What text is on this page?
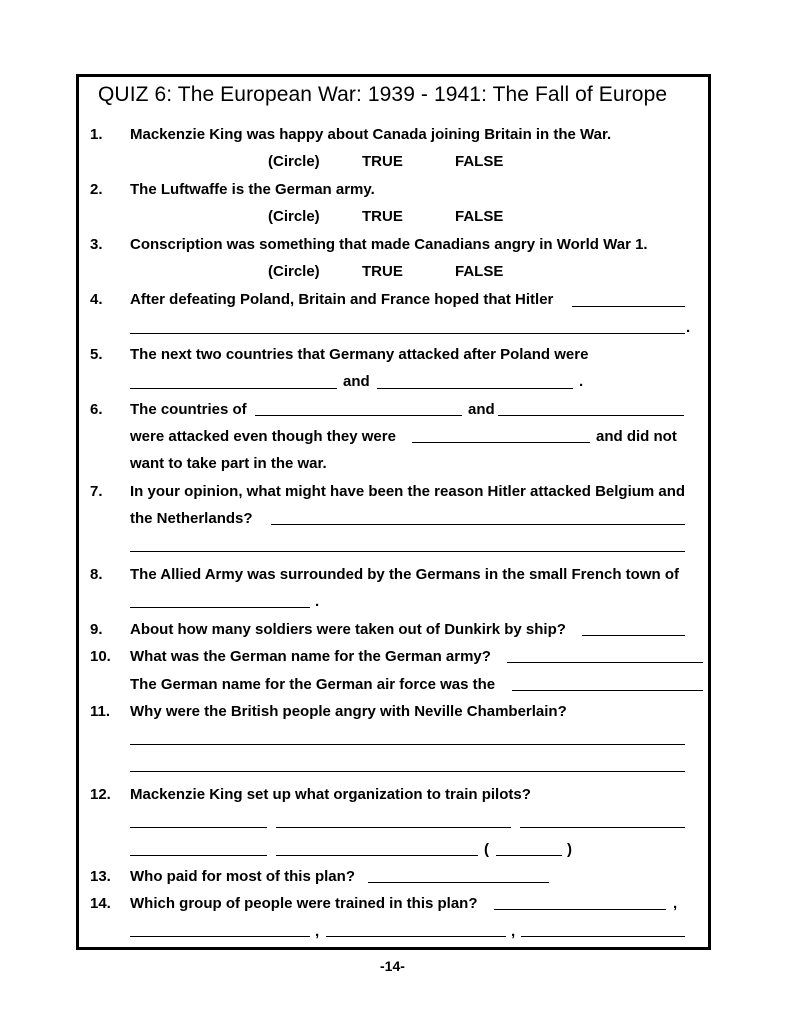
QUIZ 6: The European War: 1939 - 1941: The Fall of Europe
1. Mackenzie King was happy about Canada joining Britain in the War.
(Circle)	TRUE	FALSE
2. The Luftwaffe is the German army.
(Circle)	TRUE	FALSE
3. Conscription was something that made Canadians angry in World War 1.
(Circle)	TRUE	FALSE
4. After defeating Poland, Britain and France hoped that Hitler
.
5. The next two countries that Germany attacked after Poland were
and	.
6. The countries of	and
were attacked even though they were	and did not
want to take part in the war.
7. In your opinion, what might have been the reason Hitler attacked Belgium and
the Netherlands?
8. The Allied Army was surrounded by the Germans in the small French town of
.
9. About how many soldiers were taken out of Dunkirk by ship?
10. What was the German name for the German army?
The German name for the German air force was the
11. Why were the British people angry with Neville Chamberlain?
12. Mackenzie King set up what organization to train pilots?
(	)
13. Who paid for most of this plan?
14. Which group of people were trained in this plan?	,
,	,
-14-
